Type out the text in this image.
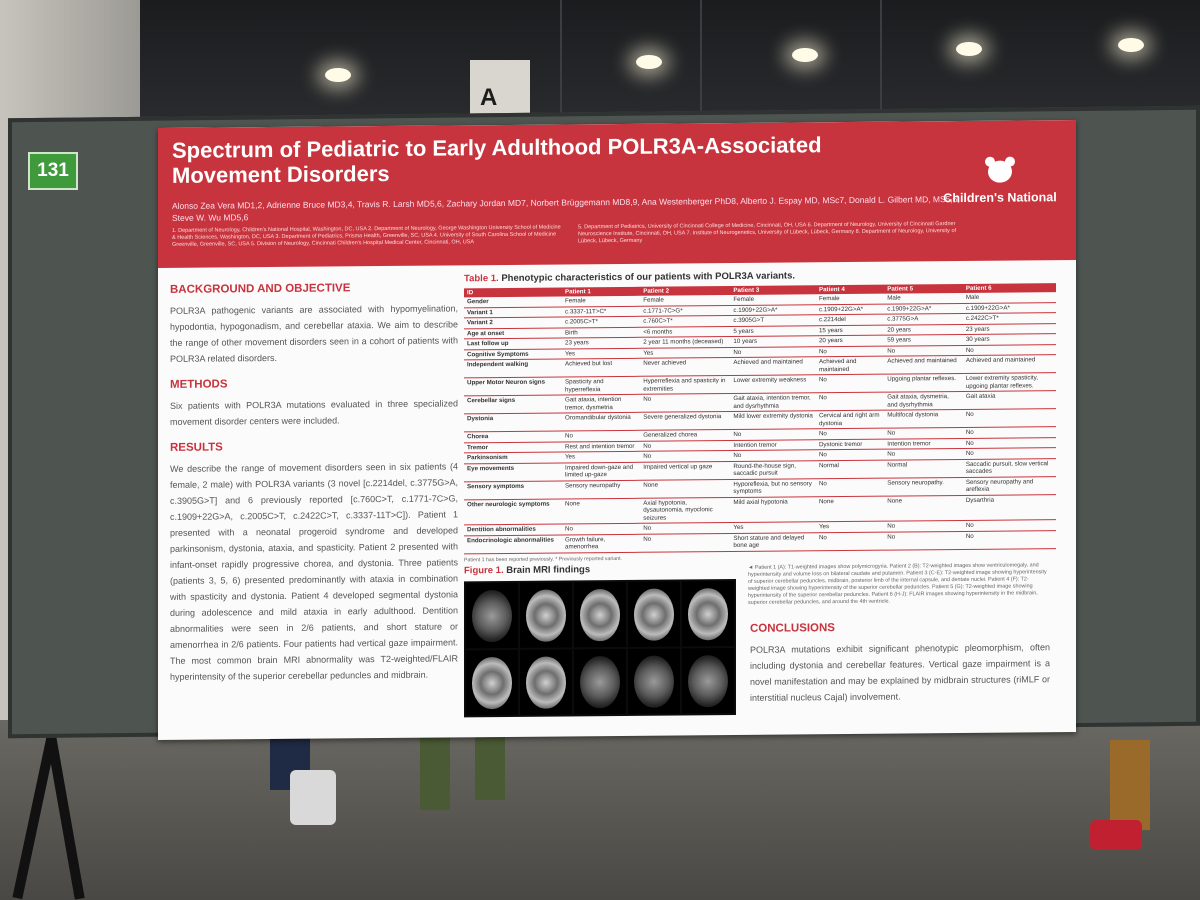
A
131
Spectrum of Pediatric to Early Adulthood POLR3A-Associated Movement Disorders
Alonso Zea Vera MD1,2, Adrienne Bruce MD3,4, Travis R. Larsh MD5,6, Zachary Jordan MD7, Norbert Brüggemann MD8,9, Ana Westenberger PhD8, Alberto J. Espay MD, MSc7, Donald L. Gilbert MD, MS5,6, Steve W. Wu MD5,6
1. Department of Neurology, Children's National Hospital, Washington, DC, USA 2. Department of Neurology, George Washington University School of Medicine & Health Sciences, Washington, DC, USA 3. Department of Pediatrics, Prisma Health, Greenville, SC, USA 4. University of South Carolina School of Medicine Greenville, Greenville, SC, USA 5. Division of Neurology, Cincinnati Children's Hospital Medical Center, Cincinnati, OH, USA
5. Department of Pediatrics, University of Cincinnati College of Medicine, Cincinnati, OH, USA 6. Department of Neurology, University of Cincinnati Gardner Neuroscience Institute, Cincinnati, OH, USA 7. Institute of Neurogenetics, University of Lübeck, Lübeck, Germany 8. Department of Neurology, University of Lübeck, Lübeck, Germany
Children's National
BACKGROUND AND OBJECTIVE

POLR3A pathogenic variants are associated with hypomyelination, hypodontia, hypogonadism, and cerebellar ataxia. We aim to describe the range of other movement disorders seen in a cohort of patients with POLR3A related disorders.

METHODS

Six patients with POLR3A mutations evaluated in three specialized movement disorder centers were included.

RESULTS

We describe the range of movement disorders seen in six patients (4 female, 2 male) with POLR3A variants (3 novel [c.2214del, c.3775G>A, c.3905G>T] and 6 previously reported [c.760C>T, c.1771-7C>G, c.1909+22G>A, c.2005C>T, c.2422C>T, c.3337-11T>C]). Patient 1 presented with a neonatal progeroid syndrome and developed parkinsonism, dystonia, ataxia, and spasticity. Patient 2 presented with infant-onset rapidly progressive chorea, and dystonia. Three patients (patients 3, 5, 6) presented predominantly with ataxia in combination with spasticity and dystonia. Patient 4 developed segmental dystonia during adolescence and mild ataxia in early adulthood. Dentition abnormalities were seen in 2/6 patients, and short stature or amenorrhea in 2/6 patients. Four patients had vertical gaze impairment. The most common brain MRI abnormality was T2-weighted/FLAIR hyperintensity of the superior cerebellar peduncles and midbrain.

Table 1. Phenotypic characteristics of our patients with POLR3A variants.
ID	Patient 1	Patient 2	Patient 3	Patient 4	Patient 5	Patient 6
Gender	Female	Female	Female	Female	Male	Male
Variant 1	c.3337-11T>C*	c.1771-7C>G*	c.1909+22G>A*	c.1909+22G>A*	c.1909+22G>A*	c.1909+22G>A*
Variant 2	c.2005C>T*	c.760C>T*	c.3905G>T	c.2214del	c.3775G>A	c.2422C>T*
Age at onset	Birth	<6 months	5 years	15 years	20 years	23 years
Last follow up	23 years	2 year 11 months (deceased)	10 years	20 years	59 years	30 years
Cognitive Symptoms	Yes	Yes	No	No	No	No
Independent walking	Achieved but lost	Never achieved	Achieved and maintained	Achieved and maintained	Achieved and maintained	Achieved and maintained
Upper Motor Neuron signs	Spasticity and hyperreflexia	Hyperreflexia and spasticity in extremities	Lower extremity weakness	No	Upgoing plantar reflexes.	Lower extremity spasticity, upgoing plantar reflexes.
Cerebellar signs	Gait ataxia, intention tremor, dysmetria	No	Gait ataxia, intention tremor, and dysrhythmia	No	Gait ataxia, dysmetria, and dysrhythmia	Gait ataxia
Dystonia	Oromandibular dystonia	Severe generalized dystonia	Mild lower extremity dystonia	Cervical and right arm dystonia	Multifocal dystonia	No
Chorea	No	Generalized chorea	No	No	No	No
Tremor	Rest and intention tremor	No	Intention tremor	Dystonic tremor	Intention tremor	No
Parkinsonism	Yes	No	No	No	No	No
Eye movements	Impaired down-gaze and limited up-gaze	Impaired vertical up gaze	Round-the-house sign, saccadic pursuit	Normal	Normal	Saccadic pursuit, slow vertical saccades
Sensory symptoms	Sensory neuropathy	None	Hyporeflexia, but no sensory symptoms	No	Sensory neuropathy.	Sensory neuropathy and areflexia
Other neurologic symptoms	None	Axial hypotonia, dysautonomia, myoclonic seizures	Mild axial hypotonia	None	None	Dysarthria
Dentition abnormalities	No	No	Yes	Yes	No	No
Endocrinologic abnormalities	Growth failure, amenorrhea	No	Short stature and delayed bone age	No	No	No
Patient 1 has been reported previously. * Previously reported variant.
Figure 1. Brain MRI findings	◄ Patient 1 (A): T1-weighted images show polymicrogyria. Patient 2 (B): T2-weighted images show ventriculomegaly, and hyperintensity and volume loss on bilateral caudate and putamen. Patient 3 (C-E): T2-weighted image showing hyperintensity of superior cerebellar peduncles, midbrain, posterior limb of the internal capsule, and dentate nuclei. Patient 4 (F): T2-weighted image showing hyperintensity of the superior cerebellar peduncles. Patient 5 (G): T2-weighted image showing hyperintensity of the superior cerebellar peduncles. Patient 6 (H-J): FLAIR images showing hyperintensity in the midbrain, superior cerebellar peduncles, and around the 4th ventricle.
CONCLUSIONS

POLR3A mutations exhibit significant phenotypic pleomorphism, often including dystonia and cerebellar features. Vertical gaze impairment is a novel manifestation and may be explained by midbrain structures (riMLF or interstitial nucleus Cajal) involvement.
